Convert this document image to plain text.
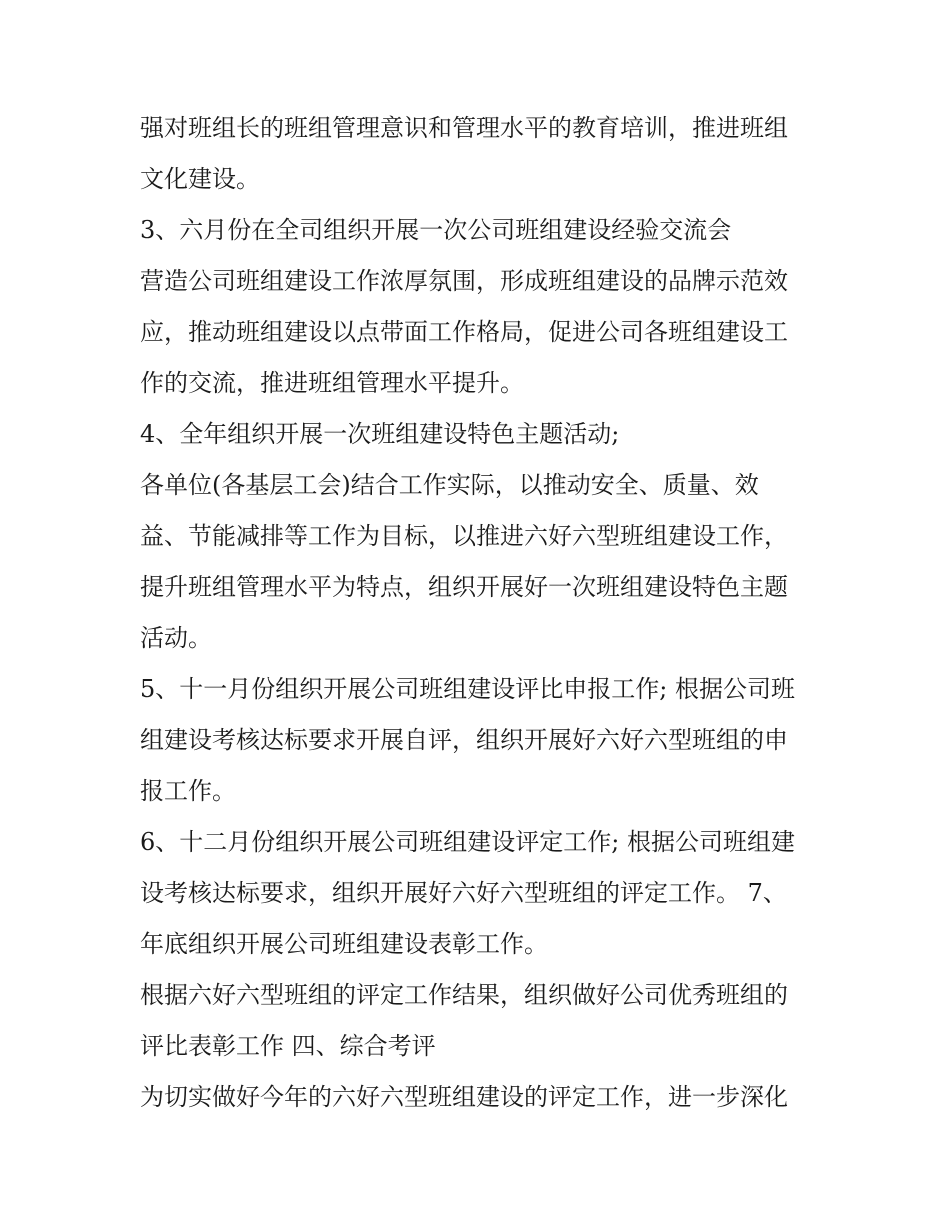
强对班组长的班组管理意识和管理水平的教育培训，推进班组
文化建设。
3、六月份在全司组织开展一次公司班组建设经验交流会
营造公司班组建设工作浓厚氛围，形成班组建设的品牌示范效
应，推动班组建设以点带面工作格局，促进公司各班组建设工
作的交流，推进班组管理水平提升。
4、全年组织开展一次班组建设特色主题活动;
各单位(各基层工会)结合工作实际，以推动安全、质量、效
益、节能减排等工作为目标，以推进六好六型班组建设工作，
提升班组管理水平为特点，组织开展好一次班组建设特色主题
活动。
5、十一月份组织开展公司班组建设评比申报工作; 根据公司班
组建设考核达标要求开展自评，组织开展好六好六型班组的申
报工作。
6、十二月份组织开展公司班组建设评定工作; 根据公司班组建
设考核达标要求，组织开展好六好六型班组的评定工作。 7、
年底组织开展公司班组建设表彰工作。
根据六好六型班组的评定工作结果，组织做好公司优秀班组的
评比表彰工作 四、综合考评
为切实做好今年的六好六型班组建设的评定工作，进一步深化
